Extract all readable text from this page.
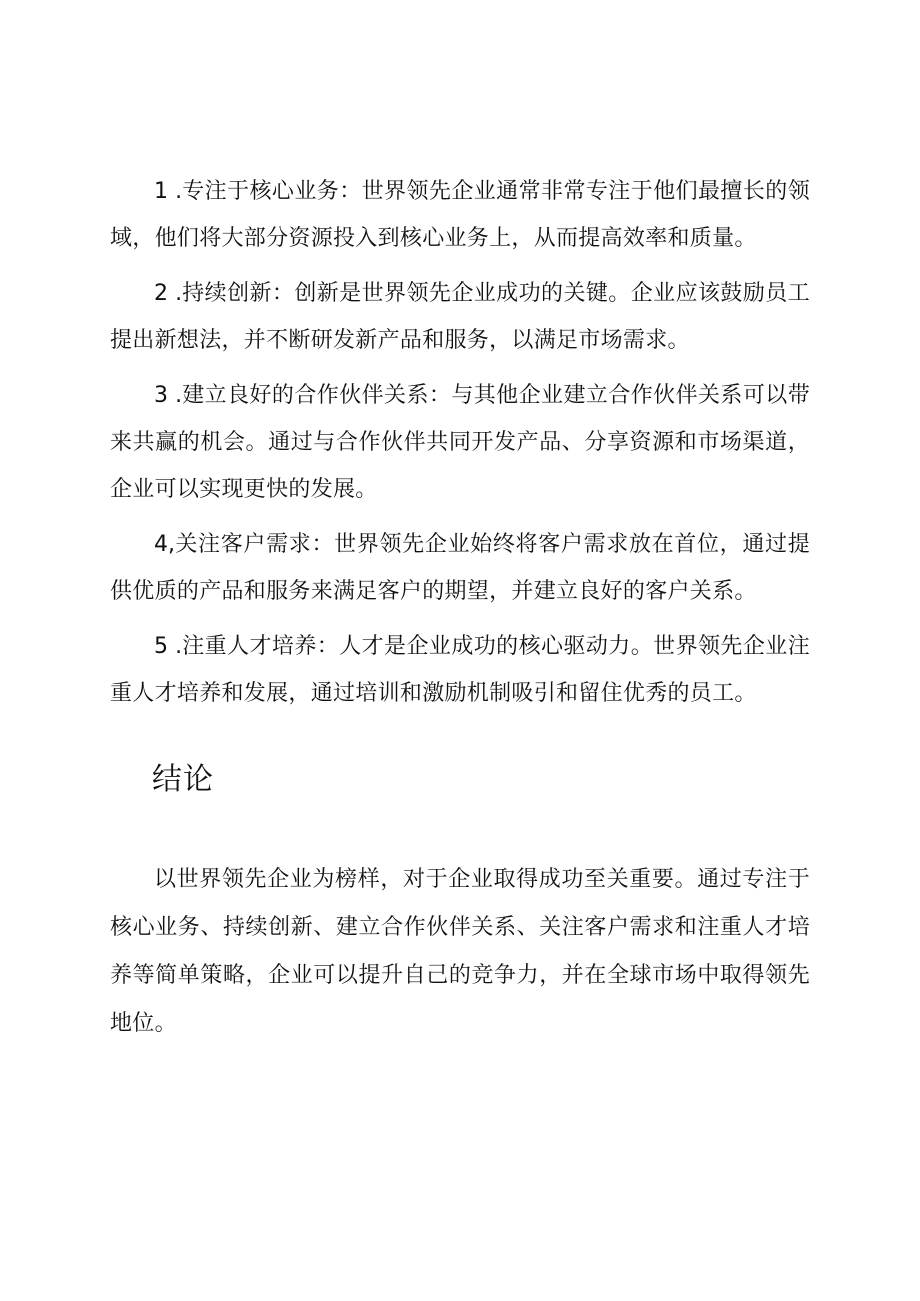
1 .专注于核心业务：世界领先企业通常非常专注于他们最擅长的领域，他们将大部分资源投入到核心业务上，从而提高效率和质量。

2 .持续创新：创新是世界领先企业成功的关键。企业应该鼓励员工提出新想法，并不断研发新产品和服务，以满足市场需求。

3 .建立良好的合作伙伴关系：与其他企业建立合作伙伴关系可以带来共赢的机会。通过与合作伙伴共同开发产品、分享资源和市场渠道，企业可以实现更快的发展。

4,关注客户需求：世界领先企业始终将客户需求放在首位，通过提供优质的产品和服务来满足客户的期望，并建立良好的客户关系。

5 .注重人才培养：人才是企业成功的核心驱动力。世界领先企业注重人才培养和发展，通过培训和激励机制吸引和留住优秀的员工。

结论

以世界领先企业为榜样，对于企业取得成功至关重要。通过专注于核心业务、持续创新、建立合作伙伴关系、关注客户需求和注重人才培养等简单策略，企业可以提升自己的竞争力，并在全球市场中取得领先地位。
